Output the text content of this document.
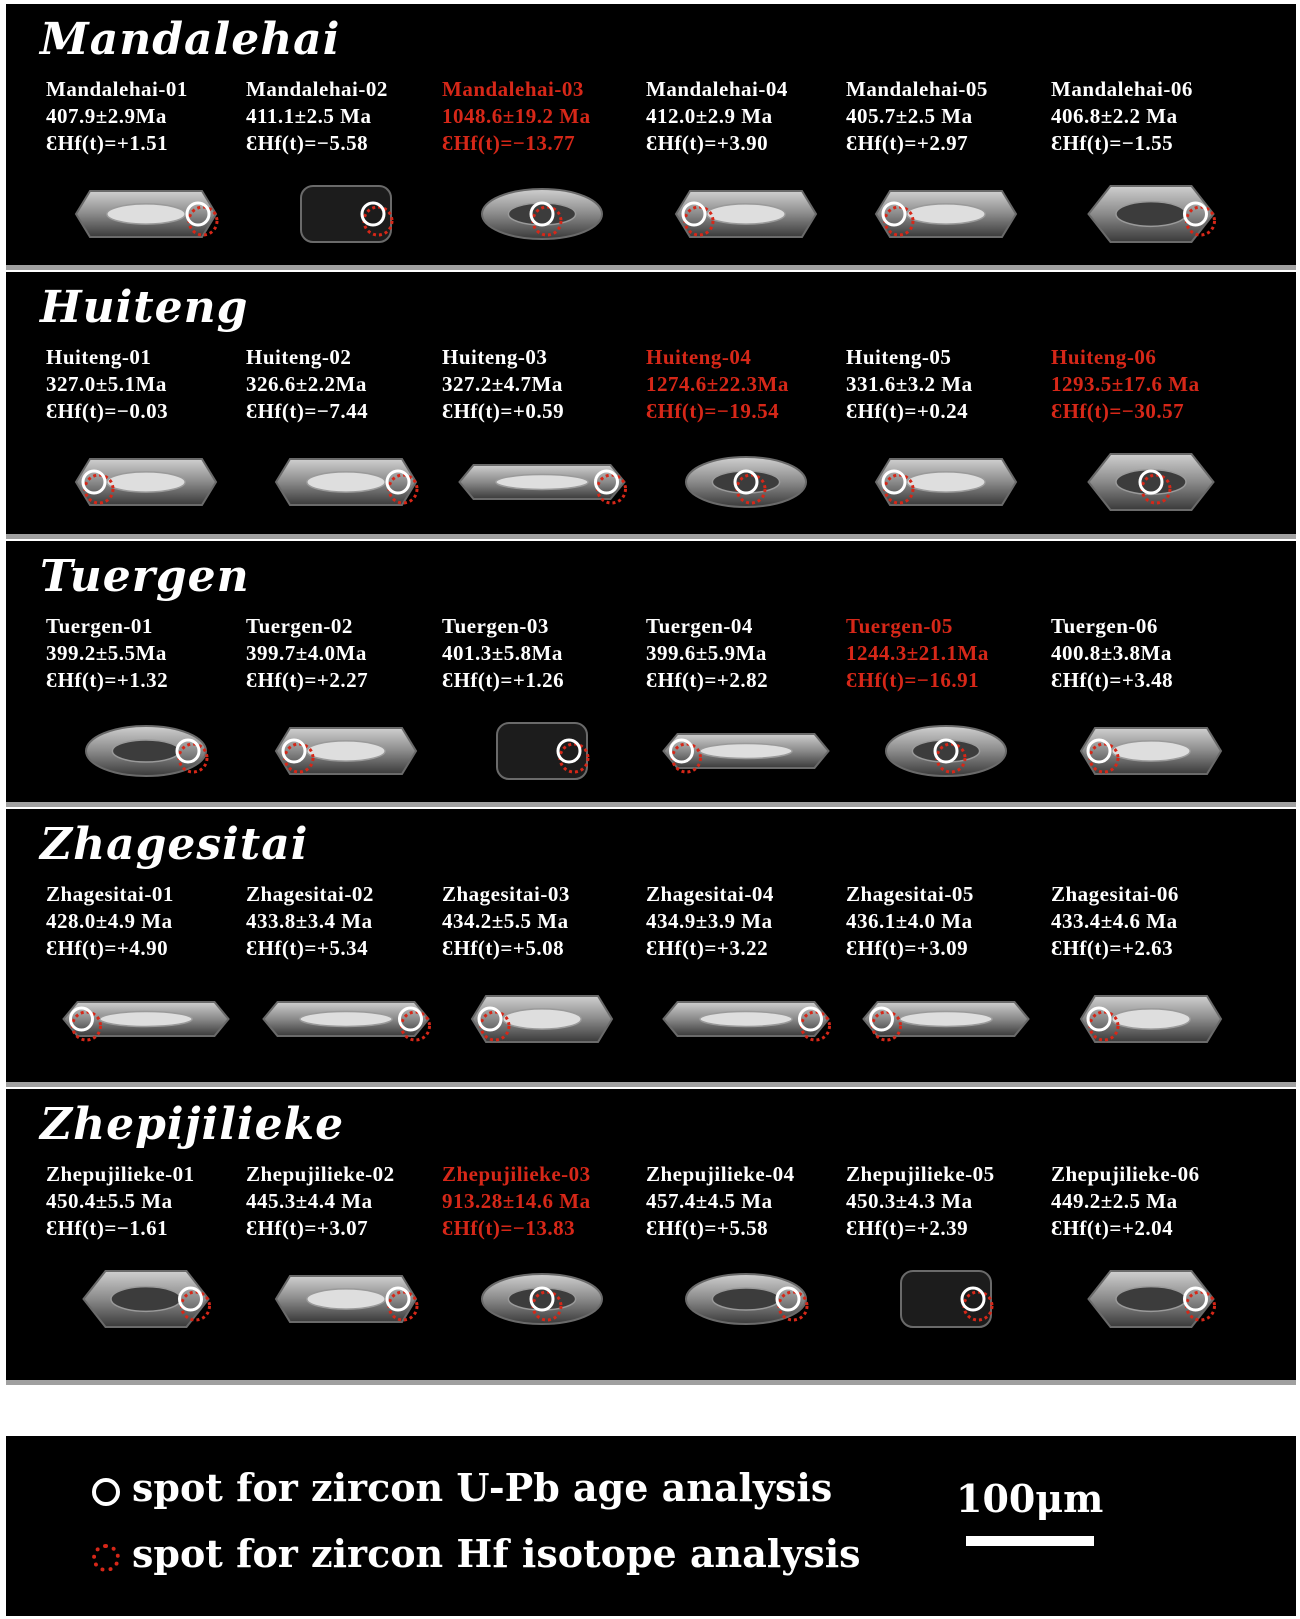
Mandalehai
Mandalehai-01
407.9±2.9Ma
ƐHf(t)=+1.51
Mandalehai-02
411.1±2.5 Ma
ƐHf(t)=−5.58
Mandalehai-03
1048.6±19.2 Ma
ƐHf(t)=−13.77
Mandalehai-04
412.0±2.9 Ma
ƐHf(t)=+3.90
Mandalehai-05
405.7±2.5 Ma
ƐHf(t)=+2.97
Mandalehai-06
406.8±2.2 Ma
ƐHf(t)=−1.55
Huiteng
Huiteng-01
327.0±5.1Ma
ƐHf(t)=−0.03
Huiteng-02
326.6±2.2Ma
ƐHf(t)=−7.44
Huiteng-03
327.2±4.7Ma
ƐHf(t)=+0.59
Huiteng-04
1274.6±22.3Ma
ƐHf(t)=−19.54
Huiteng-05
331.6±3.2 Ma
ƐHf(t)=+0.24
Huiteng-06
1293.5±17.6 Ma
ƐHf(t)=−30.57
Tuergen
Tuergen-01
399.2±5.5Ma
ƐHf(t)=+1.32
Tuergen-02
399.7±4.0Ma
ƐHf(t)=+2.27
Tuergen-03
401.3±5.8Ma
ƐHf(t)=+1.26
Tuergen-04
399.6±5.9Ma
ƐHf(t)=+2.82
Tuergen-05
1244.3±21.1Ma
ƐHf(t)=−16.91
Tuergen-06
400.8±3.8Ma
ƐHf(t)=+3.48
Zhagesitai
Zhagesitai-01
428.0±4.9 Ma
ƐHf(t)=+4.90
Zhagesitai-02
433.8±3.4 Ma
ƐHf(t)=+5.34
Zhagesitai-03
434.2±5.5 Ma
ƐHf(t)=+5.08
Zhagesitai-04
434.9±3.9 Ma
ƐHf(t)=+3.22
Zhagesitai-05
436.1±4.0 Ma
ƐHf(t)=+3.09
Zhagesitai-06
433.4±4.6 Ma
ƐHf(t)=+2.63
Zhepijilieke
Zhepujilieke-01
450.4±5.5 Ma
ƐHf(t)=−1.61
Zhepujilieke-02
445.3±4.4 Ma
ƐHf(t)=+3.07
Zhepujilieke-03
913.28±14.6 Ma
ƐHf(t)=−13.83
Zhepujilieke-04
457.4±4.5 Ma
ƐHf(t)=+5.58
Zhepujilieke-05
450.3±4.3 Ma
ƐHf(t)=+2.39
Zhepujilieke-06
449.2±2.5 Ma
ƐHf(t)=+2.04
spot for zircon U-Pb age analysis
spot for zircon Hf isotope analysis
100μm
